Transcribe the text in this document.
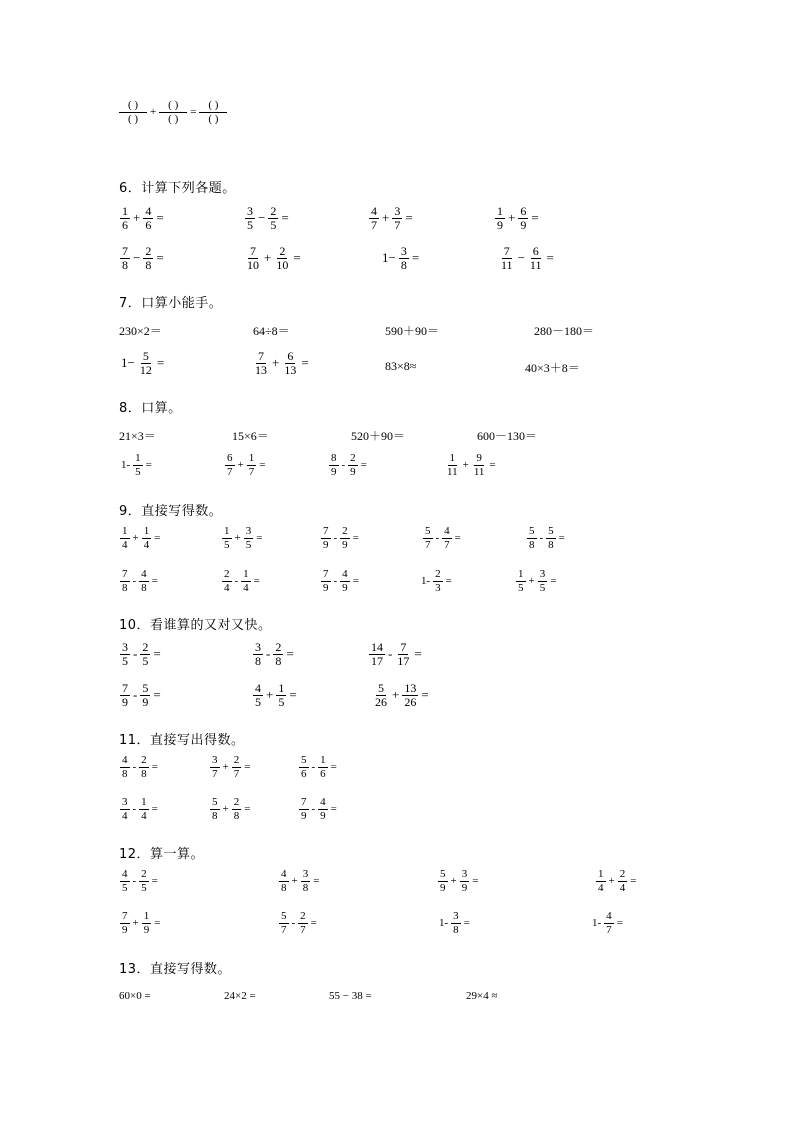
$\frac{( )}{( )} + \frac{( )}{( )} = \frac{( )}{( )}$
6．计算下列各题。
$\frac{1}{6} + \frac{4}{6}$ =	$\frac{3}{5} - \frac{2}{5}$ =	$\frac{4}{7} + \frac{3}{7}$ =	$\frac{1}{9} + \frac{6}{9}$ =
$\frac{7}{8} - \frac{2}{8}$ =	$\frac{7}{10} + \frac{2}{10}$ =	$1- \frac{3}{8}$ =	$\frac{7}{11} - \frac{6}{11}$ =
7．口算小能手。
230×2＝	64÷8＝	590＋90＝	280－180＝
$1- \frac{5}{12}$ =	$\frac{7}{13} + \frac{6}{13}$ =	83×8≈	40×3＋8＝
8．口算。
21×3＝	15×6＝	520＋90＝	600－130＝
$1- \frac{1}{5}$ =	$\frac{6}{7} + \frac{1}{7}$ =	$\frac{8}{9} - \frac{2}{9}$ =	$\frac{1}{11} + \frac{9}{11}$ =
9．直接写得数。
$\frac{1}{4} + \frac{1}{4}$ =	$\frac{1}{5} + \frac{3}{5}$ =	$\frac{7}{9} - \frac{2}{9}$ =	$\frac{5}{7} - \frac{4}{7}$ =	$\frac{5}{8} - \frac{5}{8}$ =
$\frac{7}{8} - \frac{4}{8}$ =	$\frac{2}{4} - \frac{1}{4}$ =	$\frac{7}{9} - \frac{4}{9}$ =	$1- \frac{2}{3}$ =	$\frac{1}{5} + \frac{3}{5}$ =
10．看谁算的又对又快。
$\frac{3}{5} - \frac{2}{5}$ =	$\frac{3}{8} - \frac{2}{8}$ =	$\frac{14}{17} - \frac{7}{17}$ =
$\frac{7}{9} - \frac{5}{9}$ =	$\frac{4}{5} + \frac{1}{5}$ =	$\frac{5}{26} + \frac{13}{26}$ =
11．直接写出得数。
$\frac{4}{8} - \frac{2}{8}$ =	$\frac{3}{7} + \frac{2}{7}$ =	$\frac{5}{6} - \frac{1}{6}$ =
$\frac{3}{4} - \frac{1}{4}$ =	$\frac{5}{8} + \frac{2}{8}$ =	$\frac{7}{9} - \frac{4}{9}$ =
12．算一算。
$\frac{4}{5} - \frac{2}{5}$ =	$\frac{4}{8} + \frac{3}{8}$ =	$\frac{5}{9} + \frac{3}{9}$ =	$\frac{1}{4} + \frac{2}{4}$ =
$\frac{7}{9} + \frac{1}{9}$ =	$\frac{5}{7} - \frac{2}{7}$ =	$1- \frac{3}{8}$ =	$1- \frac{4}{7}$ =
13．直接写得数。
60×0 =	24×2 =	55 − 38 =	29×4 ≈
